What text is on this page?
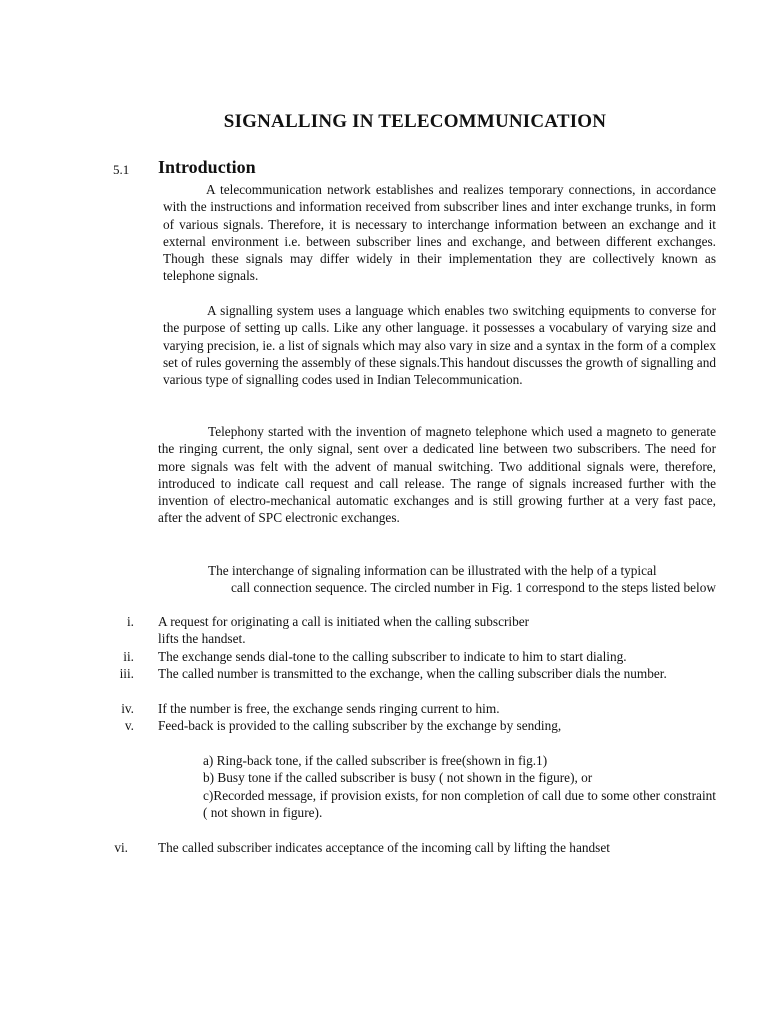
SIGNALLING IN TELECOMMUNICATION
5.1 Introduction

A telecommunication network establishes and realizes temporary connections, in accordance with the instructions and information received from subscriber lines and inter exchange trunks, in form of various signals. Therefore, it is necessary to interchange information between an exchange and it external environment i.e. between subscriber lines and exchange, and between different exchanges. Though these signals may differ widely in their implementation they are collectively known as telephone signals.

A signalling system uses a language which enables two switching equipments to converse for the purpose of setting up calls. Like any other language. it possesses a vocabulary of varying size and varying precision, ie. a list of signals which may also vary in size and a syntax in the form of a complex set of rules governing the assembly of these signals.This handout discusses the growth of signalling and various type of signalling codes used in Indian Telecommunication.

Telephony started with the invention of magneto telephone which used a magneto to generate the ringing current, the only signal, sent over a dedicated line between two subscribers. The need for more signals was felt with the advent of manual switching. Two additional signals were, therefore, introduced to indicate call request and call release. The range of signals increased further with the invention of electro-mechanical automatic exchanges and is still growing further at a very fast pace, after the advent of SPC electronic exchanges.

The interchange of signaling information can be illustrated with the help of a typical
call connection sequence. The circled number in Fig. 1 correspond to the steps listed below
i. A request for originating a call is initiated when the calling subscriber
lifts the handset.
ii. The exchange sends dial-tone to the calling subscriber to indicate to him to start dialing.
iii. The called number is transmitted to the exchange, when the calling subscriber dials the number.
iv. If the number is free, the exchange sends ringing current to him.
v. Feed-back is provided to the calling subscriber by the exchange by sending,

a) Ring-back tone, if the called subscriber is free(shown in fig.1)

b) Busy tone if the called subscriber is busy ( not shown in the figure), or

c)Recorded message, if provision exists, for non completion of call due to some other constraint ( not shown in figure).

vi. The called subscriber indicates acceptance of the incoming call by lifting the handset
